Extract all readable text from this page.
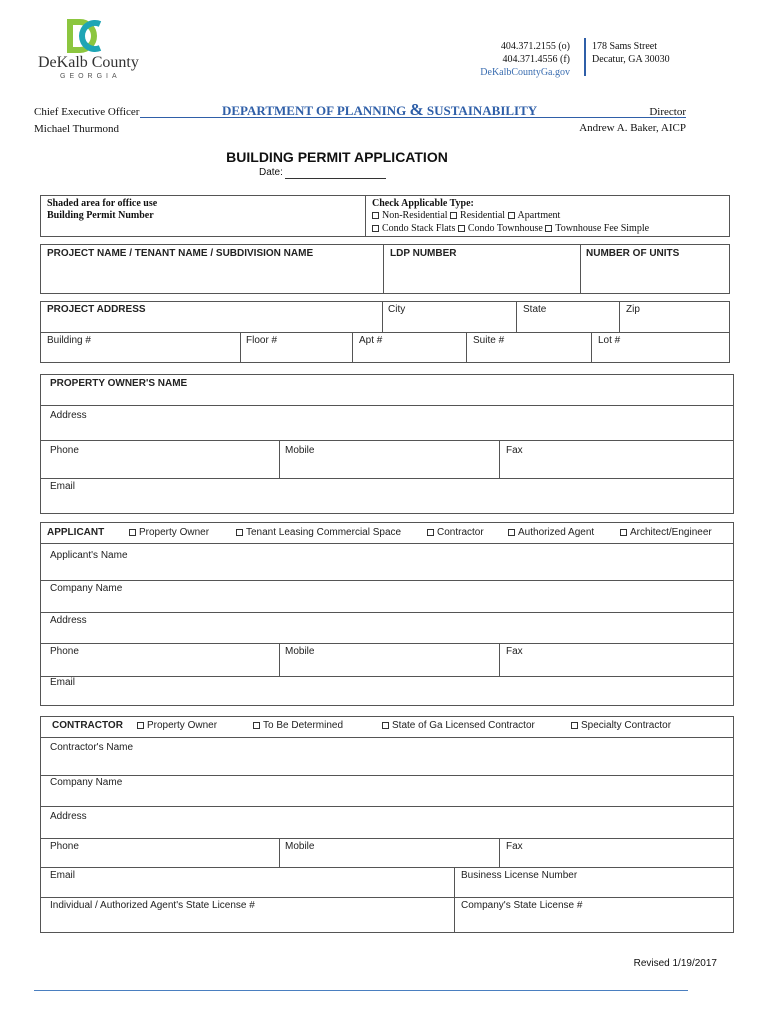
DeKalb County
GEORGIA
404.371.2155 (o)
404.371.4556 (f)
DeKalbCountyGa.gov
178 Sams Street
Decatur, GA 30030
DEPARTMENT OF PLANNING & SUSTAINABILITY
Chief Executive Officer
Michael Thurmond
Director
Andrew A. Baker, AICP
BUILDING PERMIT APPLICATION
Date:
Shaded area for office use
Building Permit Number
Check Applicable Type:
Non-Residential Residential Apartment
Condo Stack Flats Condo Townhouse Townhouse Fee Simple
PROJECT NAME / TENANT NAME / SUBDIVISION NAME	LDP NUMBER	NUMBER OF UNITS
PROJECT ADDRESS	City	State	Zip
Building #	Floor #	Apt #	Suite #	Lot #
PROPERTY OWNER'S NAME
Address
Phone	Mobile	Fax
Email
APPLICANT	Property Owner	Tenant Leasing Commercial Space	Contractor	Authorized Agent	Architect/Engineer
Applicant's Name
Company Name
Address
Phone	Mobile	Fax
Email
CONTRACTOR	Property Owner	To Be Determined	State of Ga Licensed Contractor	Specialty Contractor
Contractor's Name
Company Name
Address
Phone	Mobile	Fax
Email	Business License Number
Individual / Authorized Agent's State License #	Company's State License #
Revised 1/19/2017
